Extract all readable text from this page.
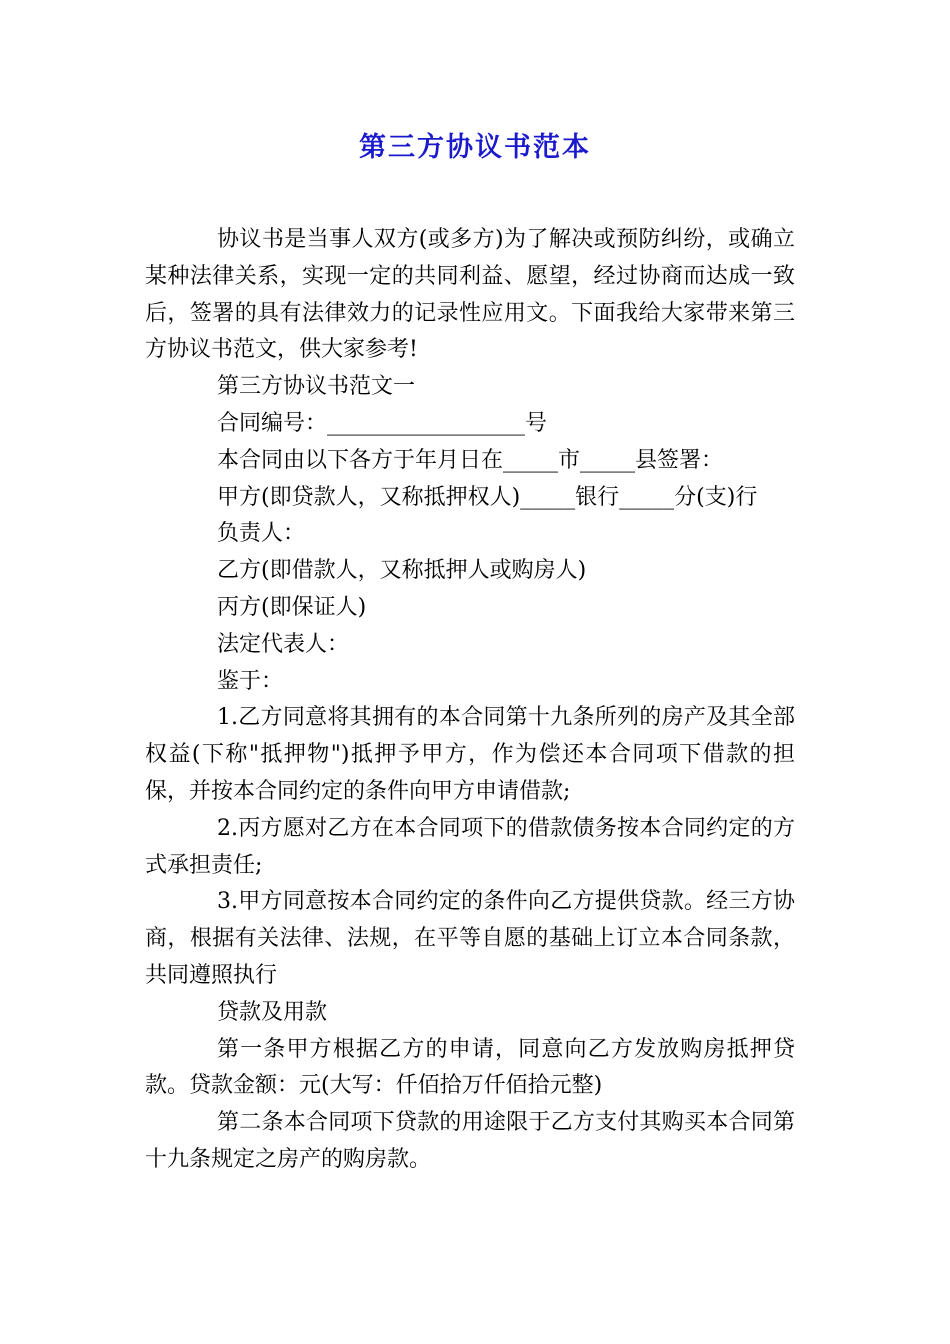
第三方协议书范本

协议书是当事人双方(或多方)为了解决或预防纠纷，或确立某种法律关系，实现一定的共同利益、愿望，经过协商而达成一致后，签署的具有法律效力的记录性应用文。下面我给大家带来第三方协议书范文，供大家参考!

第三方协议书范文一

合同编号：__________________号

本合同由以下各方于年月日在_____市_____县签署：

甲方(即贷款人，又称抵押权人)_____银行_____分(支)行

负责人：

乙方(即借款人，又称抵押人或购房人)

丙方(即保证人)

法定代表人：

鉴于：

1.乙方同意将其拥有的本合同第十九条所列的房产及其全部权益(下称"抵押物")抵押予甲方，作为偿还本合同项下借款的担保，并按本合同约定的条件向甲方申请借款;

2.丙方愿对乙方在本合同项下的借款债务按本合同约定的方式承担责任;

3.甲方同意按本合同约定的条件向乙方提供贷款。经三方协商，根据有关法律、法规，在平等自愿的基础上订立本合同条款，共同遵照执行

贷款及用款

第一条甲方根据乙方的申请，同意向乙方发放购房抵押贷款。贷款金额：元(大写：仟佰拾万仟佰拾元整)

第二条本合同项下贷款的用途限于乙方支付其购买本合同第十九条规定之房产的购房款。
